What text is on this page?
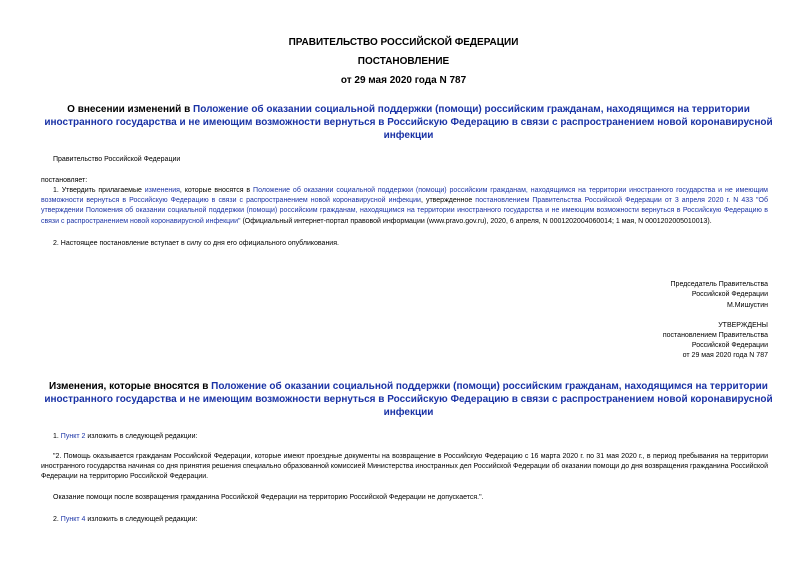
ПРАВИТЕЛЬСТВО РОССИЙСКОЙ ФЕДЕРАЦИИ
ПОСТАНОВЛЕНИЕ
от 29 мая 2020 года N 787
О внесении изменений в Положение об оказании социальной поддержки (помощи) российским гражданам, находящимся на территории иностранного государства и не имеющим возможности вернуться в Российскую Федерацию в связи с распространением новой коронавирусной инфекции
Правительство Российской Федерации
постановляет:
1. Утвердить прилагаемые изменения, которые вносятся в Положение об оказании социальной поддержки (помощи) российским гражданам, находящимся на территории иностранного государства и не имеющим возможности вернуться в Российскую Федерацию в связи с распространением новой коронавирусной инфекции, утвержденное постановлением Правительства Российской Федерации от 3 апреля 2020 г. N 433 "Об утверждении Положения об оказании социальной поддержки (помощи) российским гражданам, находящимся на территории иностранного государства и не имеющим возможности вернуться в Российскую Федерацию в связи с распространением новой коронавирусной инфекции" (Официальный интернет-портал правовой информации (www.pravo.gov.ru), 2020, 6 апреля, N 0001202004060014; 1 мая, N 0001202005010013).
2. Настоящее постановление вступает в силу со дня его официального опубликования.
Председатель Правительства
Российской Федерации
М.Мишустин
УТВЕРЖДЕНЫ
постановлением Правительства
Российской Федерации
от 29 мая 2020 года N 787
Изменения, которые вносятся в Положение об оказании социальной поддержки (помощи) российским гражданам, находящимся на территории иностранного государства и не имеющим возможности вернуться в Российскую Федерацию в связи с распространением новой коронавирусной инфекции
1. Пункт 2 изложить в следующей редакции:
"2. Помощь оказывается гражданам Российской Федерации, которые имеют проездные документы на возвращение в Российскую Федерацию с 16 марта 2020 г. по 31 мая 2020 г., в период пребывания на территории иностранного государства начиная со дня принятия решения специально образованной комиссией Министерства иностранных дел Российской Федерации об оказании помощи до дня возвращения гражданина Российской Федерации на территорию Российской Федерации.
Оказание помощи после возвращения гражданина Российской Федерации на территорию Российской Федерации не допускается.".
2. Пункт 4 изложить в следующей редакции:
